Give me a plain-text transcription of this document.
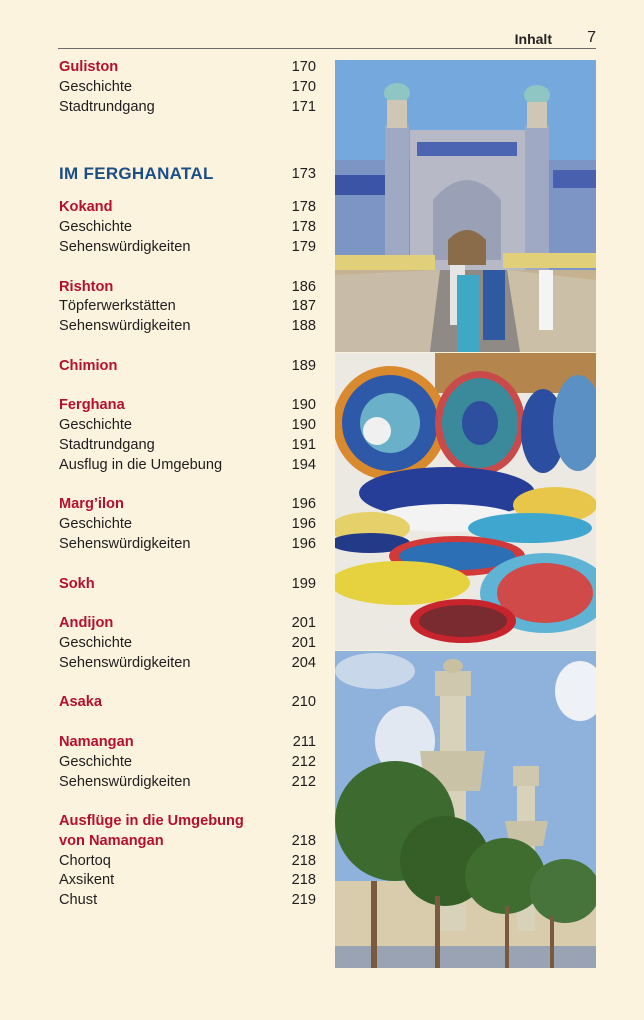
Inhalt 7
Guliston	170
Geschichte	170
Stadtrundgang	171
IM FERGHANATAL	173
Kokand	178
Geschichte	178
Sehenswürdigkeiten	179
Rishton	186
Töpferwerkstätten	187
Sehenswürdigkeiten	188
Chimion	189
Ferghana	190
Geschichte	190
Stadtrundgang	191
Ausflug in die Umgebung	194
Marg’ilon	196
Geschichte	196
Sehenswürdigkeiten	196
Sokh	199
Andijon	201
Geschichte	201
Sehenswürdigkeiten	204
Asaka	210
Namangan	211
Geschichte	212
Sehenswürdigkeiten	212
Ausflüge in die Umgebung
von Namangan	218
Chortoq	218
Axsikent	218
Chust	219
